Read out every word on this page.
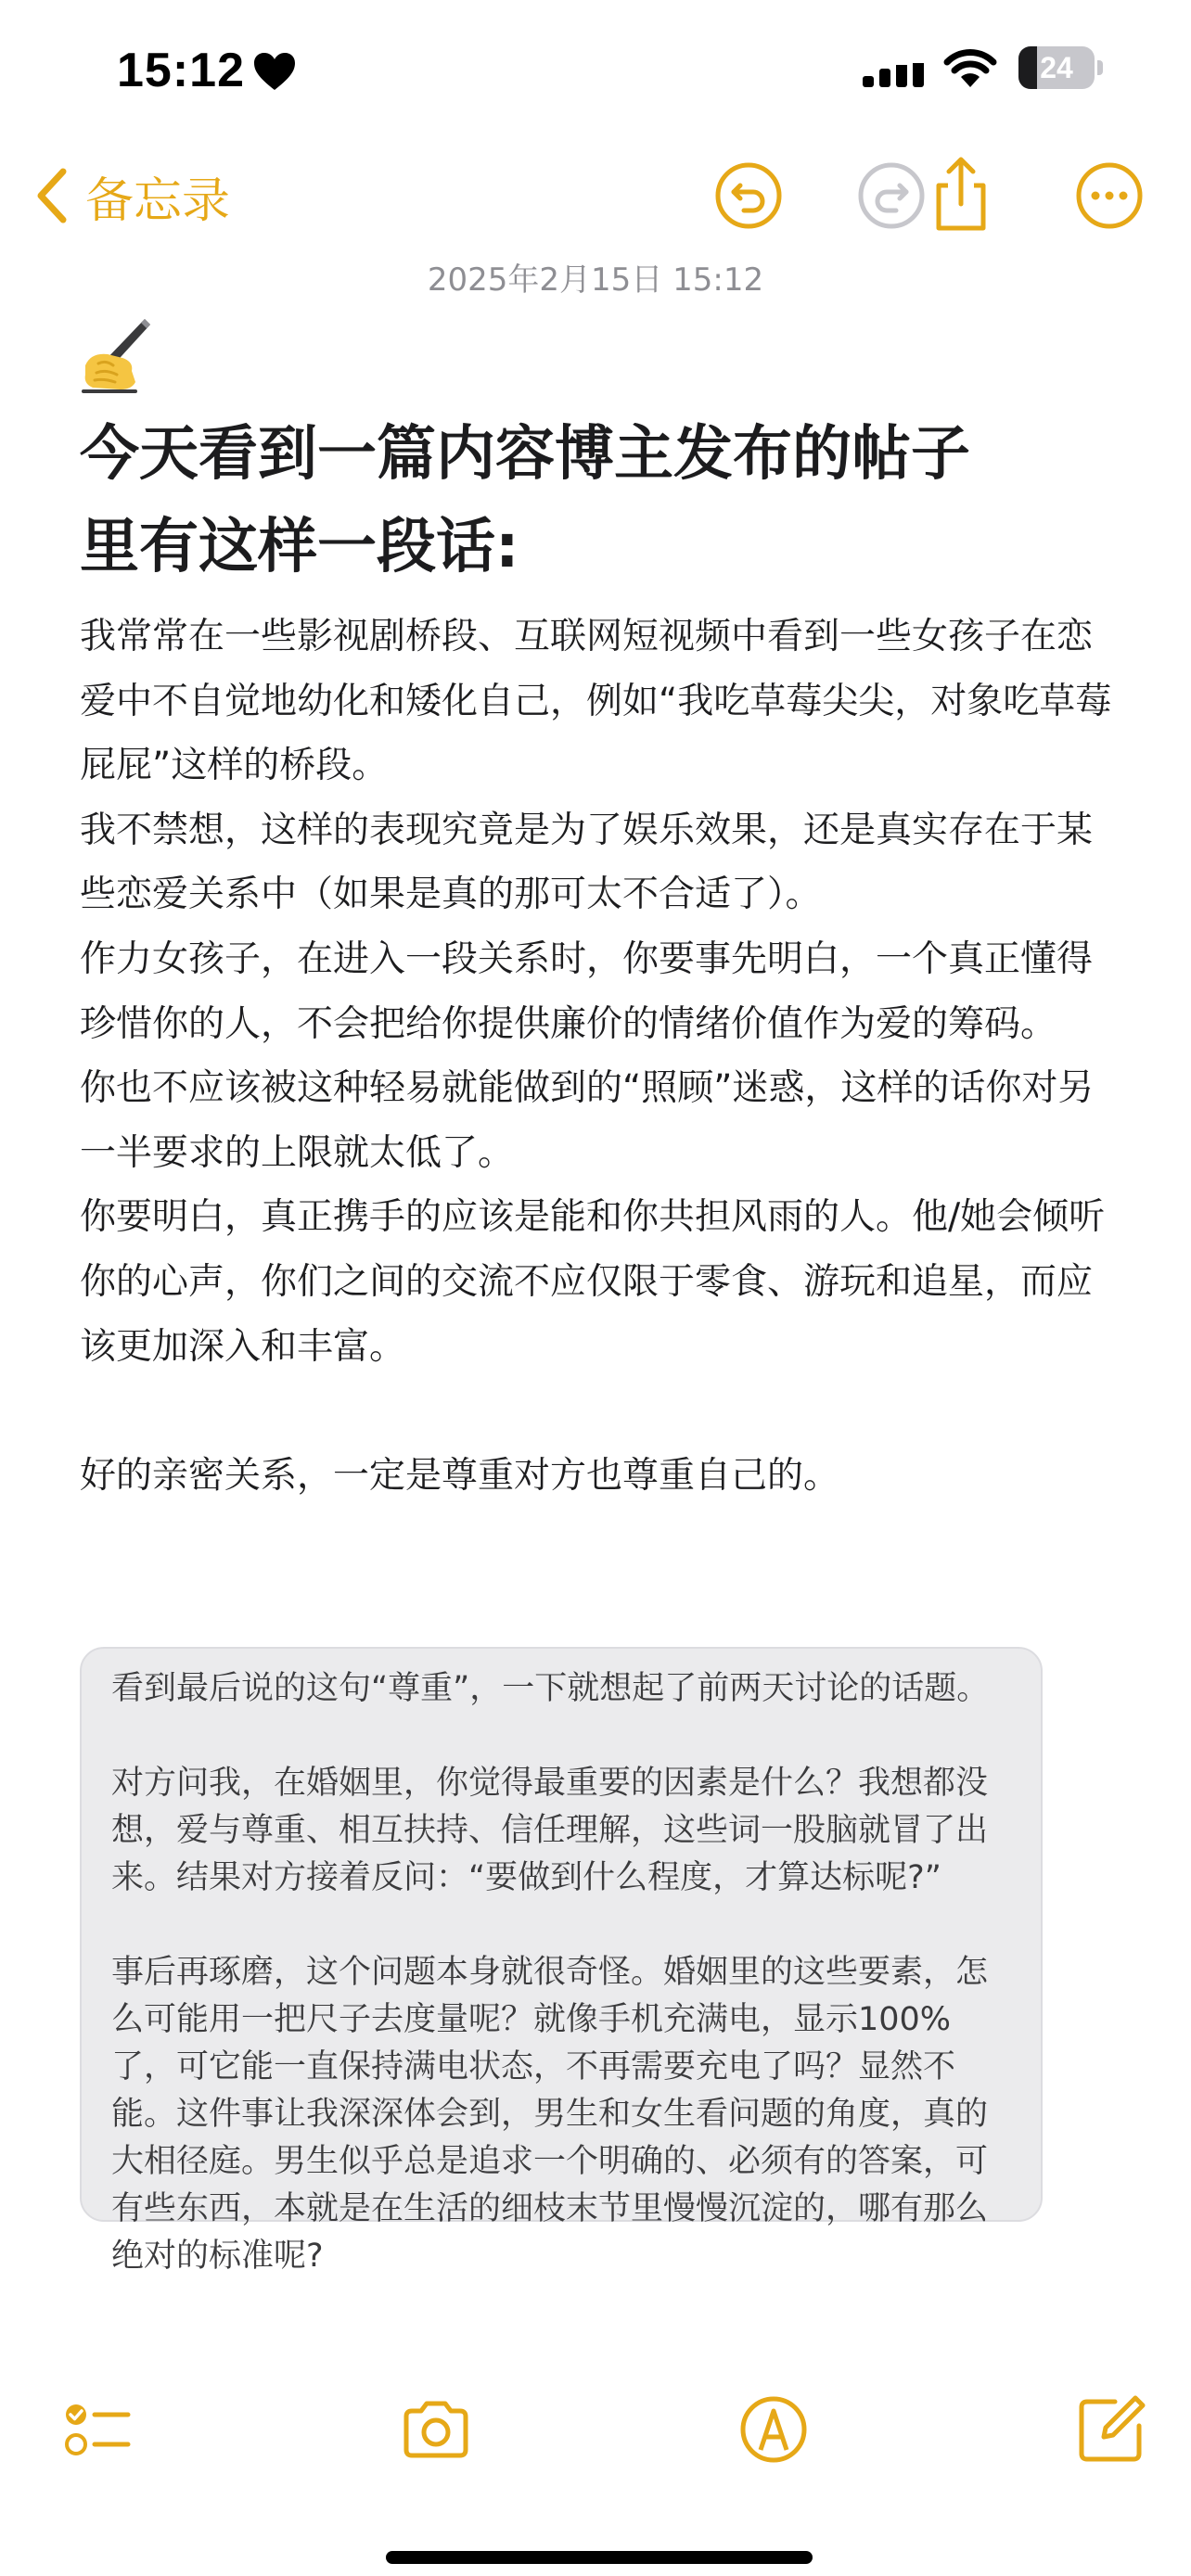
15:12	24
备忘录
2025年2月15日 15:12
今天看到一篇内容博主发布的帖子
里有这样一段话:

我常常在一些影视剧桥段、互联网短视频中看到一些女孩子在恋爱中不自觉地幼化和矮化自己，例如“我吃草莓尖尖，对象吃草莓屁屁”这样的桥段。

我不禁想，这样的表现究竟是为了娱乐效果，还是真实存在于某些恋爱关系中（如果是真的那可太不合适了）。

作力女孩子，在进入一段关系时，你要事先明白，一个真正懂得珍惜你的人，不会把给你提供廉价的情绪价值作为爱的筹码。

你也不应该被这种轻易就能做到的“照顾”迷惑，这样的话你对另一半要求的上限就太低了。

你要明白，真正携手的应该是能和你共担风雨的人。他/她会倾听你的心声，你们之间的交流不应仅限于零食、游玩和追星，而应该更加深入和丰富。

好的亲密关系，一定是尊重对方也尊重自己的。

看到最后说的这句“尊重”，一下就想起了前两天讨论的话题。

对方问我，在婚姻里，你觉得最重要的因素是什么？我想都没想，爱与尊重、相互扶持、信任理解，这些词一股脑就冒了出来。结果对方接着反问：“要做到什么程度，才算达标呢?”

事后再琢磨，这个问题本身就很奇怪。婚姻里的这些要素，怎么可能用一把尺子去度量呢？就像手机充满电，显示100%了，可它能一直保持满电状态，不再需要充电了吗？显然不能。这件事让我深深体会到，男生和女生看问题的角度，真的大相径庭。男生似乎总是追求一个明确的、必须有的答案，可有些东西，本就是在生活的细枝末节里慢慢沉淀的，哪有那么绝对的标准呢?
